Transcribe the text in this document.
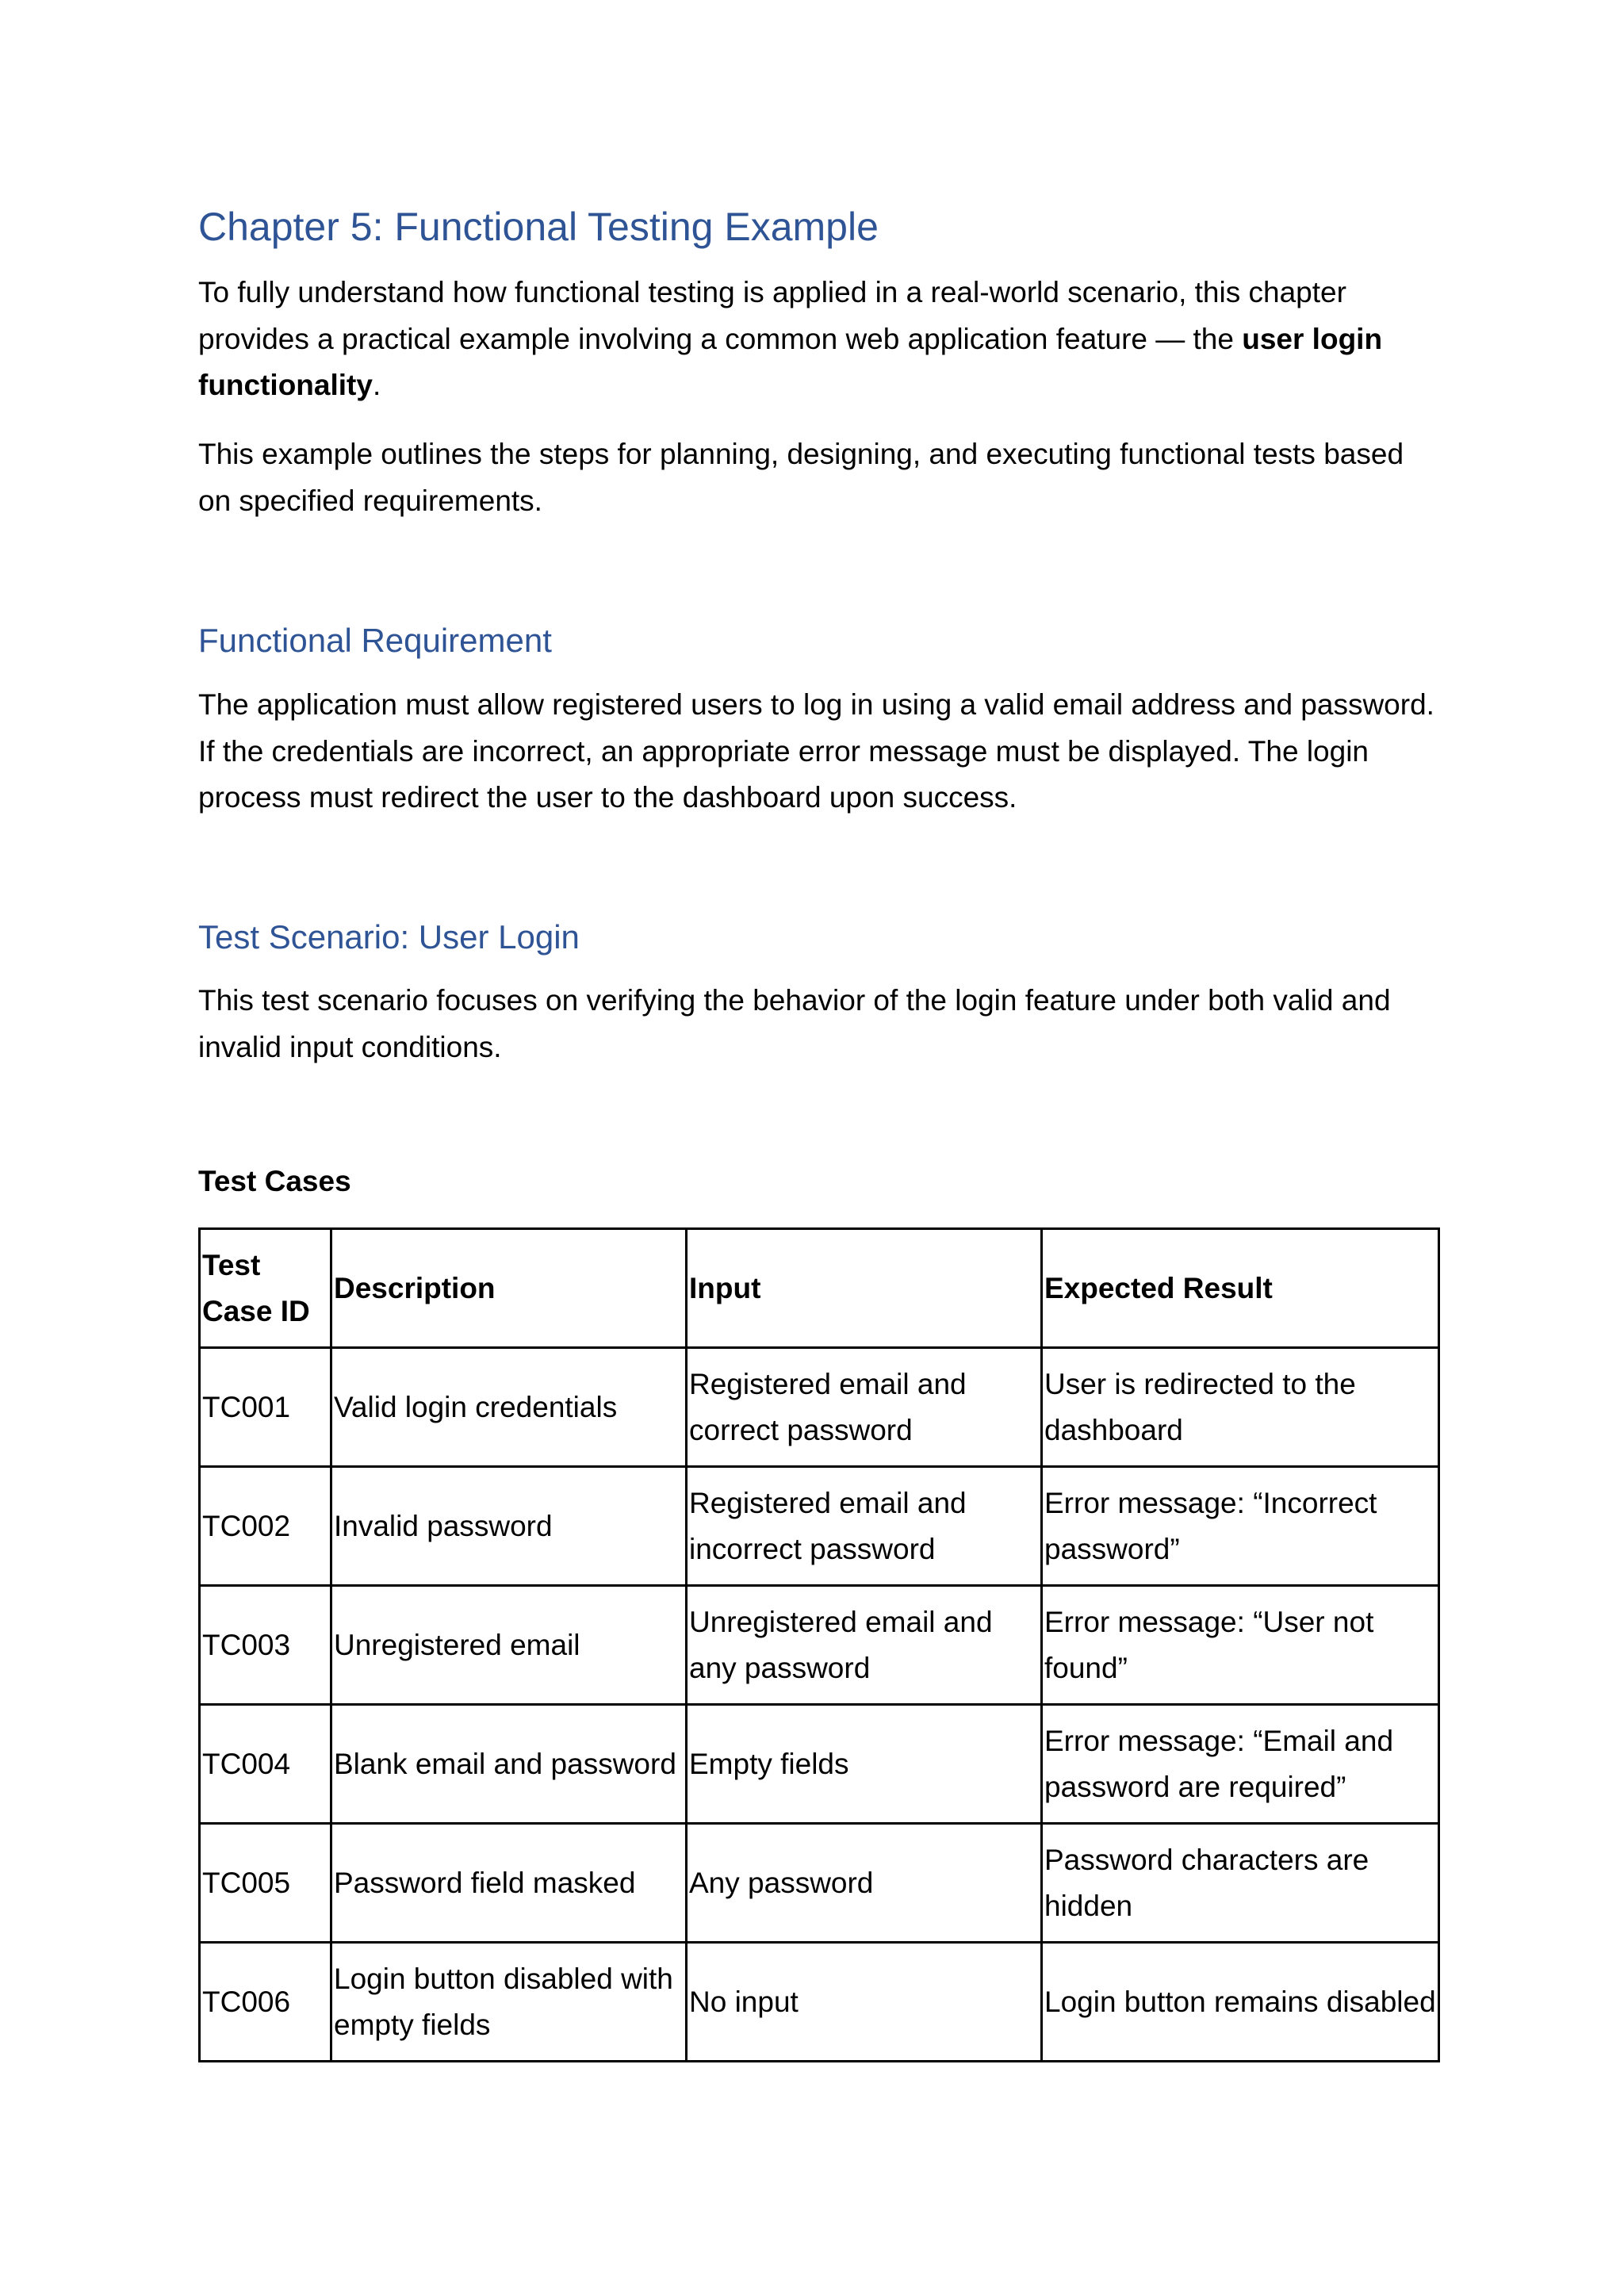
Chapter 5: Functional Testing Example

To fully understand how functional testing is applied in a real-world scenario, this chapter provides a practical example involving a common web application feature — the user login functionality.

This example outlines the steps for planning, designing, and executing functional tests based on specified requirements.

Functional Requirement

The application must allow registered users to log in using a valid email address and password. If the credentials are incorrect, an appropriate error message must be displayed. The login process must redirect the user to the dashboard upon success.

Test Scenario: User Login

This test scenario focuses on verifying the behavior of the login feature under both valid and invalid input conditions.

Test Cases

Test Case ID	Description	Input	Expected Result
TC001	Valid login credentials	Registered email and correct password	User is redirected to the dashboard
TC002	Invalid password	Registered email and incorrect password	Error message: “Incorrect password”
TC003	Unregistered email	Unregistered email and any password	Error message: “User not found”
TC004	Blank email and password	Empty fields	Error message: “Email and password are required”
TC005	Password field masked	Any password	Password characters are hidden
TC006	Login button disabled with empty fields	No input	Login button remains disabled
